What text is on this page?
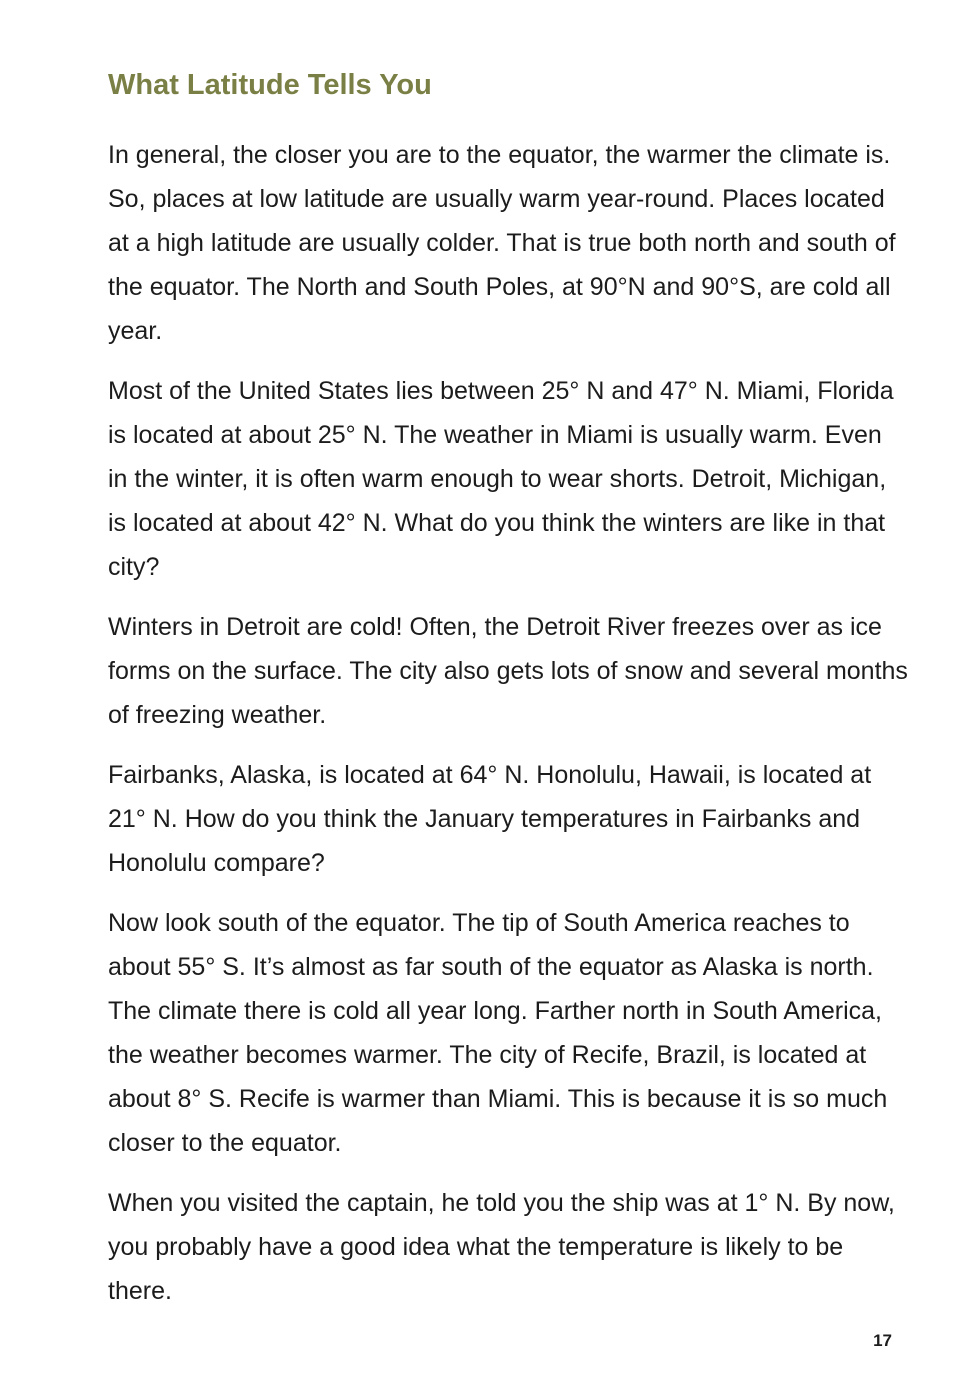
What Latitude Tells You

In general, the closer you are to the equator, the warmer the climate is. So, places at low latitude are usually warm year-round. Places located at a high latitude are usually colder. That is true both north and south of the equator. The North and South Poles, at 90°N and 90°S, are cold all year.

Most of the United States lies between 25° N and 47° N. Miami, Florida is located at about 25° N. The weather in Miami is usually warm. Even in the winter, it is often warm enough to wear shorts. Detroit, Michigan, is located at about 42° N. What do you think the winters are like in that city?

Winters in Detroit are cold! Often, the Detroit River freezes over as ice forms on the surface. The city also gets lots of snow and several months of freezing weather.

Fairbanks, Alaska, is located at 64° N. Honolulu, Hawaii, is located at 21° N. How do you think the January temperatures in Fairbanks and Honolulu compare?

Now look south of the equator. The tip of South America reaches to about 55° S. It’s almost as far south of the equator as Alaska is north. The climate there is cold all year long. Farther north in South America, the weather becomes warmer. The city of Recife, Brazil, is located at about 8° S. Recife is warmer than Miami. This is because it is so much closer to the equator.

When you visited the captain, he told you the ship was at 1° N. By now, you probably have a good idea what the temperature is likely to be there.

17
